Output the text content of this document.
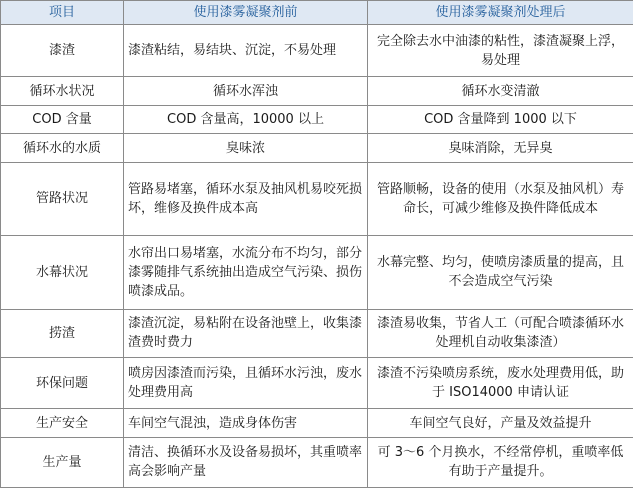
项目	使用漆雾凝聚剂前	使用漆雾凝聚剂处理后
漆渣	漆渣粘结，易结块、沉淀，不易处理	完全除去水中油漆的粘性，漆渣凝聚上浮，易处理
循环水状况	循环水浑浊	循环水变清澈
COD 含量	COD 含量高，10000 以上	COD 含量降到 1000 以下
循环水的水质	臭味浓	臭味消除，无异臭
管路状况	管路易堵塞，循环水泵及抽风机易咬死损坏，维修及换件成本高	管路顺畅，设备的使用（水泵及抽风机）寿命长，可减少维修及换件降低成本
水幕状况	水帘出口易堵塞，水流分布不均匀，部分漆雾随排气系统抽出造成空气污染、损伤喷漆成品。	水幕完整、均匀，使喷房漆质量的提高，且不会造成空气污染
捞渣	漆渣沉淀，易粘附在设备池壁上，收集漆渣费时费力	漆渣易收集，节省人工（可配合喷漆循环水处理机自动收集漆渣）
环保问题	喷房因漆渣而污染，且循环水污浊，废水处理费用高	漆渣不污染喷房系统，废水处理费用低，助于 ISO14000 申请认证
生产安全	车间空气混浊，造成身体伤害	车间空气良好，产量及效益提升
生产量	清洁、换循环水及设备易损坏，其重喷率高会影响产量	可 3～6 个月换水，不经常停机，重喷率低有助于产量提升。
